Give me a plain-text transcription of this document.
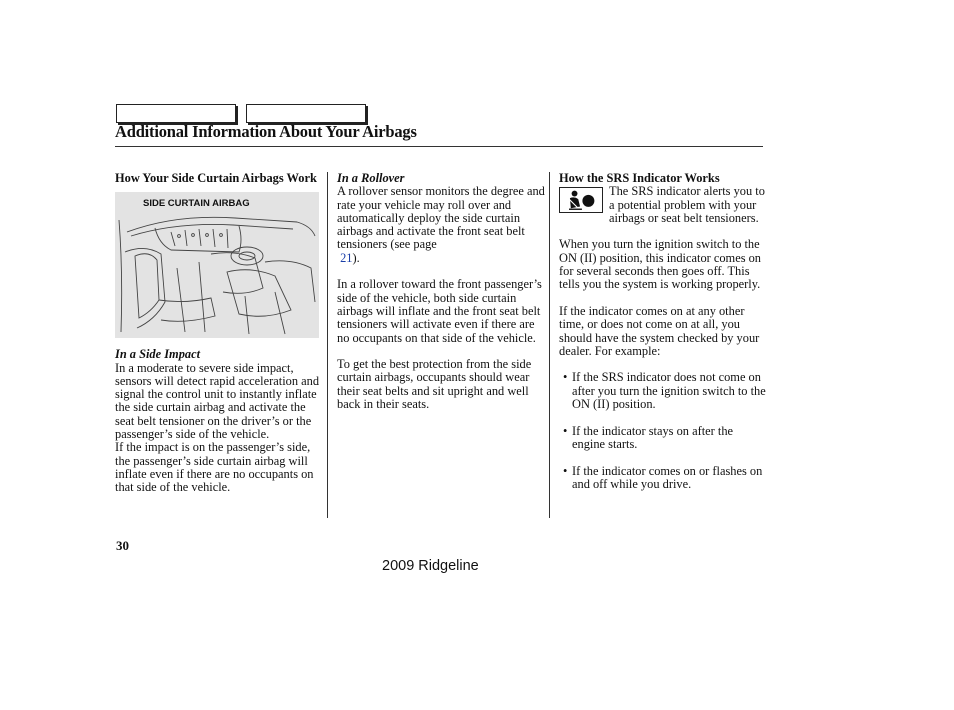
Additional Information About Your Airbags
How Your Side Curtain Airbags Work
SIDE CURTAIN AIRBAG
In a Side Impact
In a moderate to severe side impact, sensors will detect rapid acceleration and signal the control unit to instantly inflate the side curtain airbag and activate the seat belt tensioner on the driver’s or the passenger’s side of the vehicle.
If the impact is on the passenger’s side, the passenger’s side curtain airbag will inflate even if there are no occupants on that side of the vehicle.
In a Rollover

A rollover sensor monitors the degree and rate your vehicle may roll over and automatically deploy the side curtain airbags and activate the front seat belt tensioners (see page
21).

In a rollover toward the front passenger’s side of the vehicle, both side curtain airbags will inflate and the front seat belt tensioners will activate even if there are no occupants on that side of the vehicle.

To get the best protection from the side curtain airbags, occupants should wear their seat belts and sit upright and well back in their seats.

How the SRS Indicator Works

The SRS indicator alerts you to a potential problem with your airbags or seat belt tensioners.

When you turn the ignition switch to the ON (II) position, this indicator comes on for several seconds then goes off. This tells you the system is working properly.

If the indicator comes on at any other time, or does not come on at all, you should have the system checked by your dealer. For example:

• If the SRS indicator does not come on after you turn the ignition switch to the ON (II) position.

• If the indicator stays on after the engine starts.

• If the indicator comes on or flashes on and off while you drive.

30
2009 Ridgeline
